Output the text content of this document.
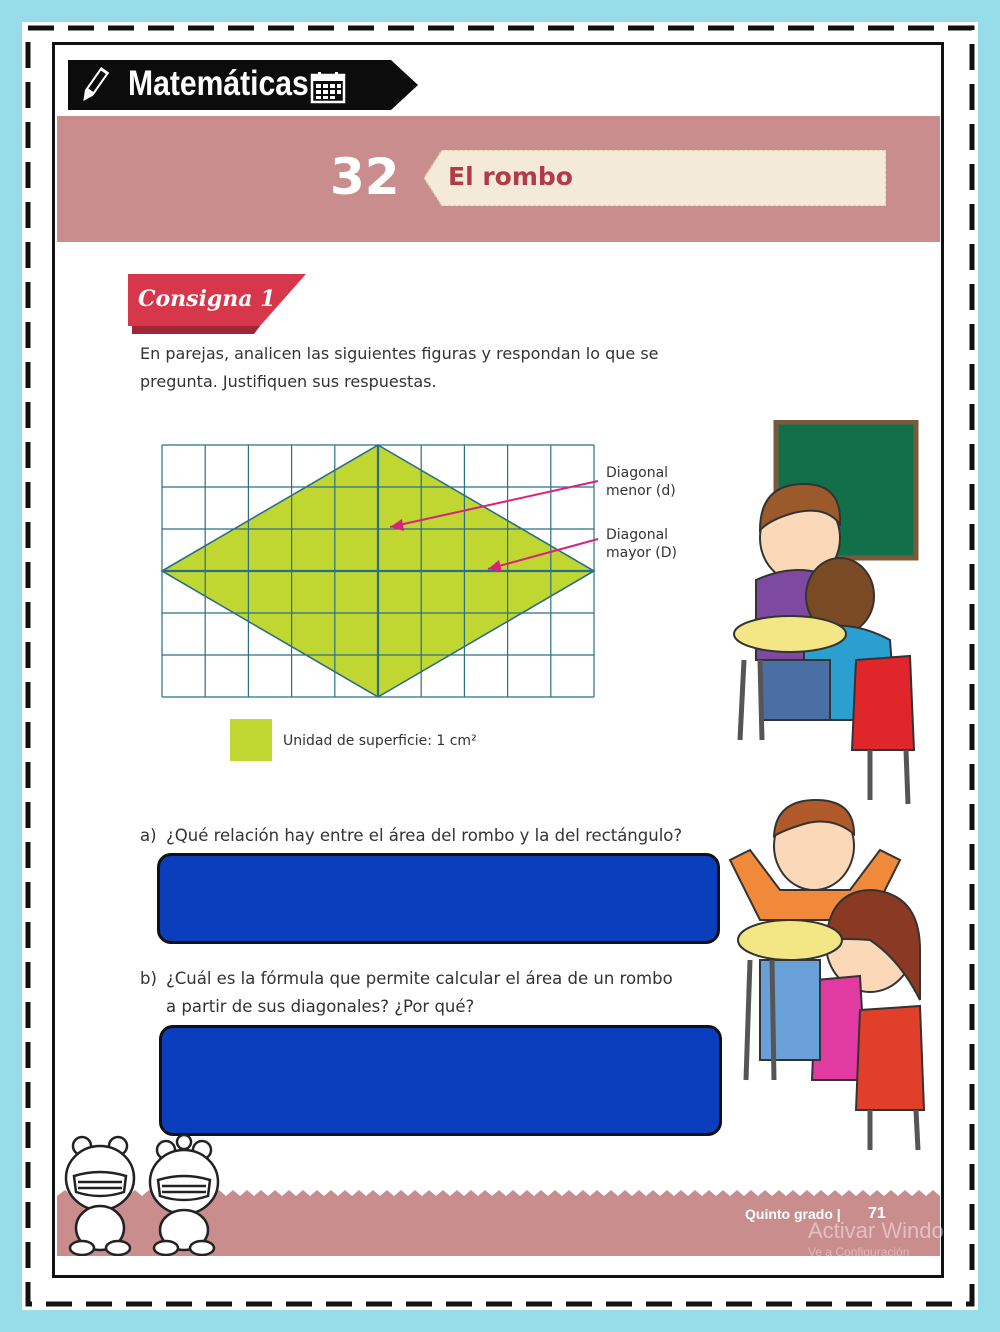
Matemáticas
32 El rombo
Consigna 1
En parejas, analicen las siguientes figuras y respondan lo que se
pregunta. Justifiquen sus respuestas.
Diagonal
menor (d)
Diagonal
mayor (D)
Unidad de superficie: 1 cm²
a) ¿Qué relación hay entre el área del rombo y la del rectángulo?
b) ¿Cuál es la fórmula que permite calcular el área de un rombo
a partir de sus diagonales? ¿Por qué?
Quinto grado | 71
Activar Windows
Ve a Configuración
